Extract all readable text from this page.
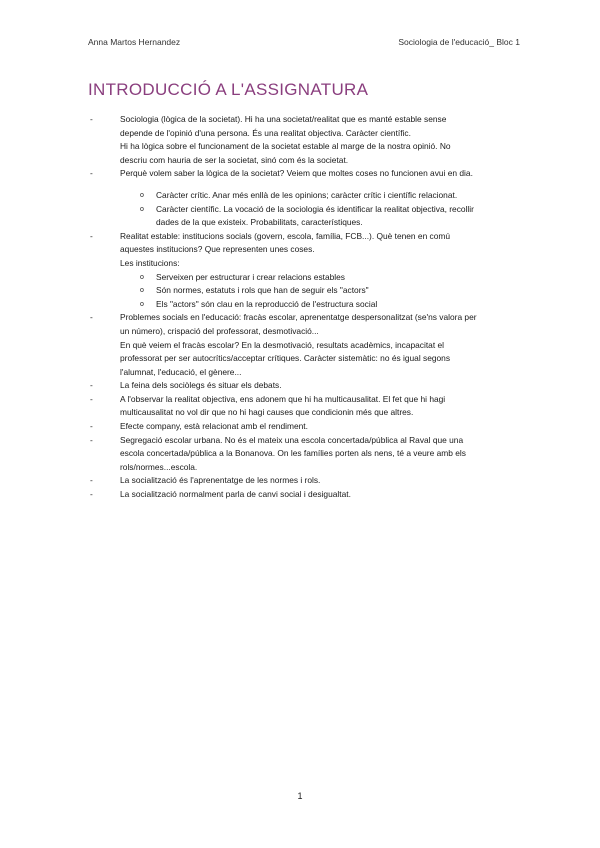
Anna Martos Hernandez	Sociologia de l'educació_ Bloc 1
INTRODUCCIÓ A L'ASSIGNATURA
-	Sociologia (lògica de la societat). Hi ha una societat/realitat que es manté estable sense
depende de l'opinió d'una persona. És una realitat objectiva. Caràcter científic.
Hi ha lògica sobre el funcionament de la societat estable al marge de la nostra opinió. No
descriu com hauria de ser la societat, sinó com és la societat.
-	Perquè volem saber la lògica de la societat? Veiem que moltes coses no funcionen avui en dia.
o Caràcter crític. Anar més enllà de les opinions; caràcter crític i científic relacionat.
o Caràcter científic. La vocació de la sociologia és identificar la realitat objectiva, recollir
dades de la que existeix. Probabilitats, característiques.
-	Realitat estable: institucions socials (govern, escola, família, FCB...). Què tenen en comú
aquestes institucions? Que representen unes coses.
Les institucions:
o Serveixen per estructurar i crear relacions estables
o Són normes, estatuts i rols que han de seguir els "actors"
o Els "actors" són clau en la reproducció de l'estructura social
-	Problemes socials en l'educació: fracàs escolar, aprenentatge despersonalitzat (se'ns valora per
un número), crispació del professorat, desmotivació...
En què veiem el fracàs escolar? En la desmotivació, resultats acadèmics, incapacitat el
professorat per ser autocrítics/acceptar crítiques. Caràcter sistemàtic: no és igual segons
l'alumnat, l'educació, el gènere...
-	La feina dels sociòlegs és situar els debats.
-	A l'observar la realitat objectiva, ens adonem que hi ha multicausalitat. El fet que hi hagi
multicausalitat no vol dir que no hi hagi causes que condicionin més que altres.
-	Efecte company, està relacionat amb el rendiment.
-	Segregació escolar urbana. No és el mateix una escola concertada/pública al Raval que una
escola concertada/pública a la Bonanova. On les famílies porten als nens, té a veure amb els
rols/normes...escola.
-	La socialització és l'aprenentatge de les normes i rols.
-	La socialització normalment parla de canvi social i desigualtat.
1
